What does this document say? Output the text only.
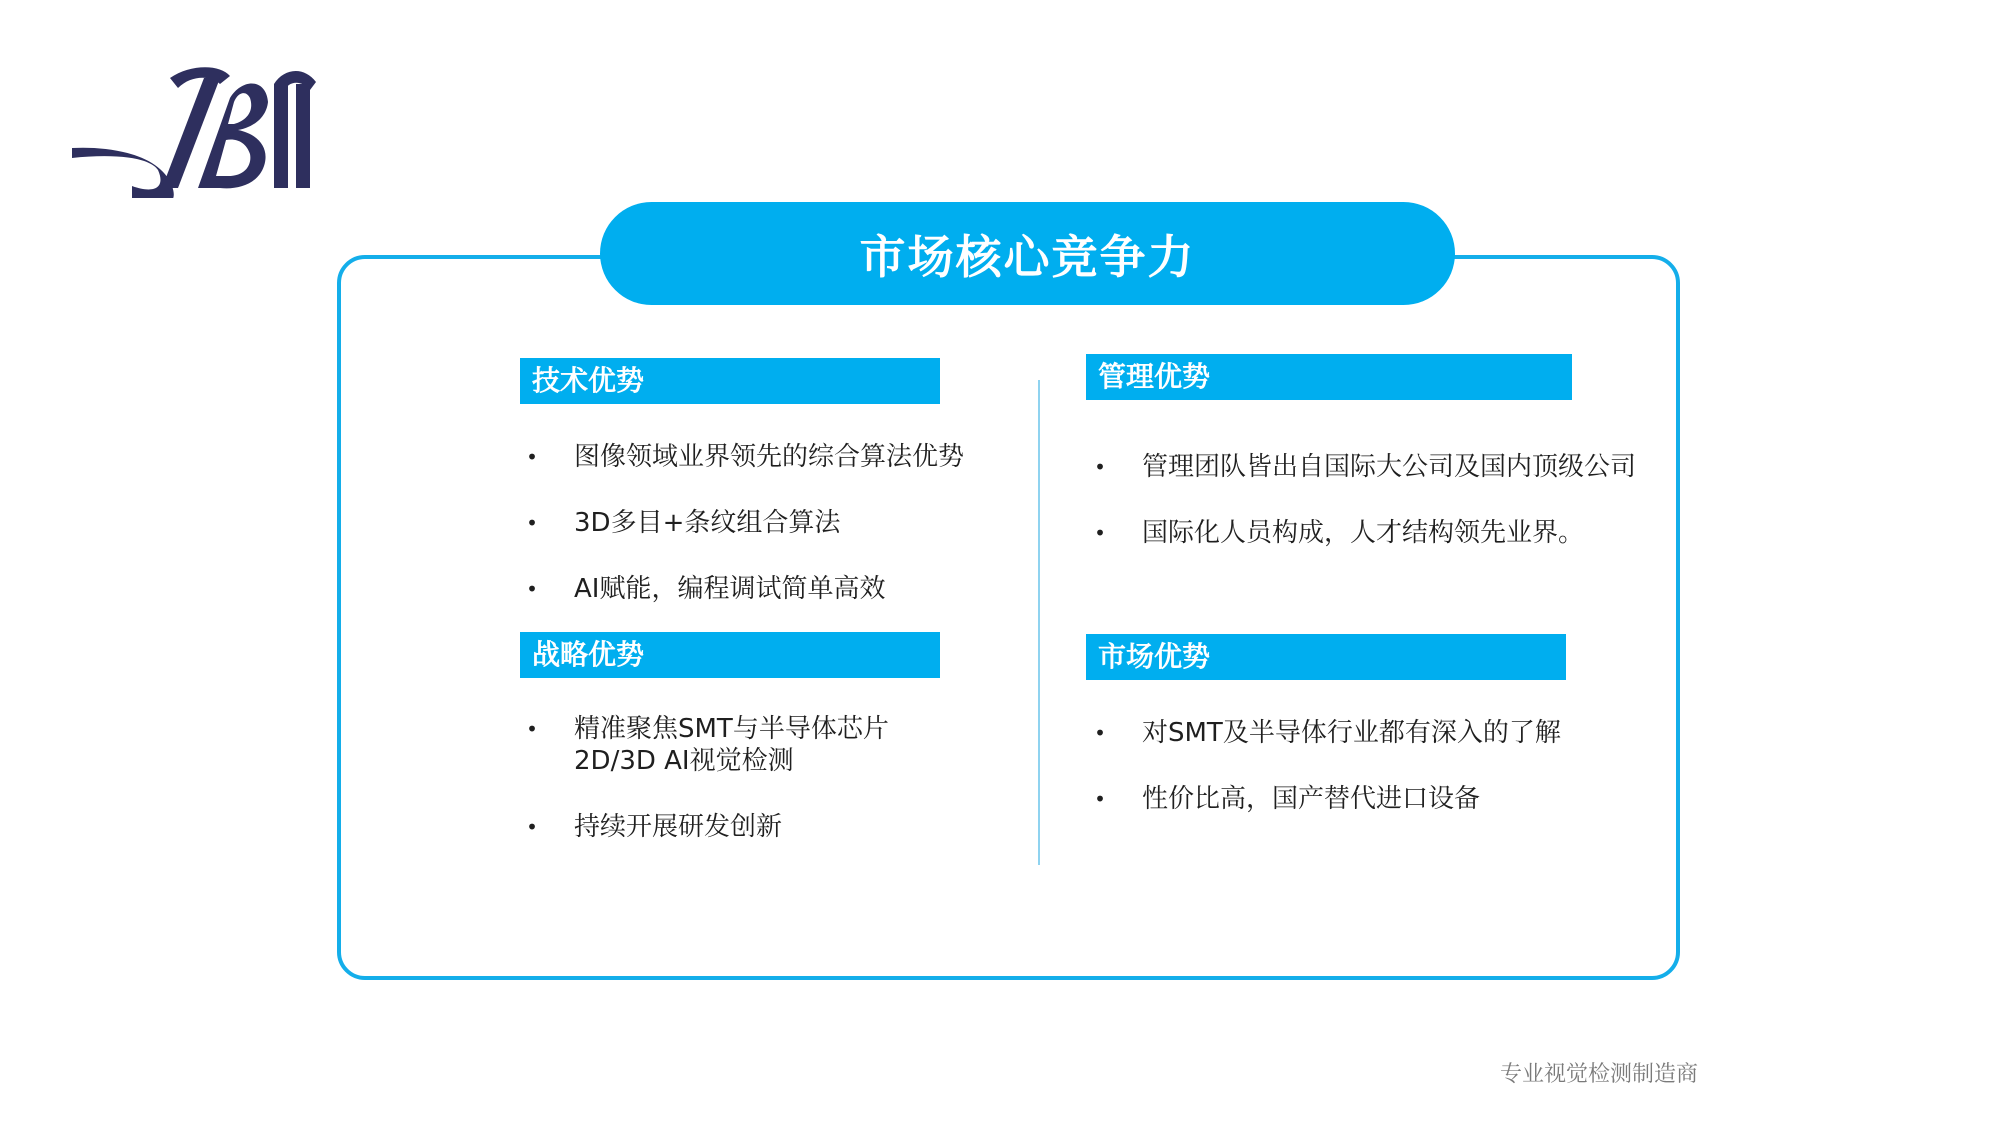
市场核心竞争力
技术优势
• 图像领域业界领先的综合算法优势
• 3D多目+条纹组合算法
• AI赋能，编程调试简单高效
战略优势
• 精准聚焦SMT与半导体芯片
2D/3D AI视觉检测
• 持续开展研发创新
管理优势
• 管理团队皆出自国际大公司及国内顶级公司
• 国际化人员构成，人才结构领先业界。
市场优势
• 对SMT及半导体行业都有深入的了解
• 性价比高，国产替代进口设备
专业视觉检测制造商
